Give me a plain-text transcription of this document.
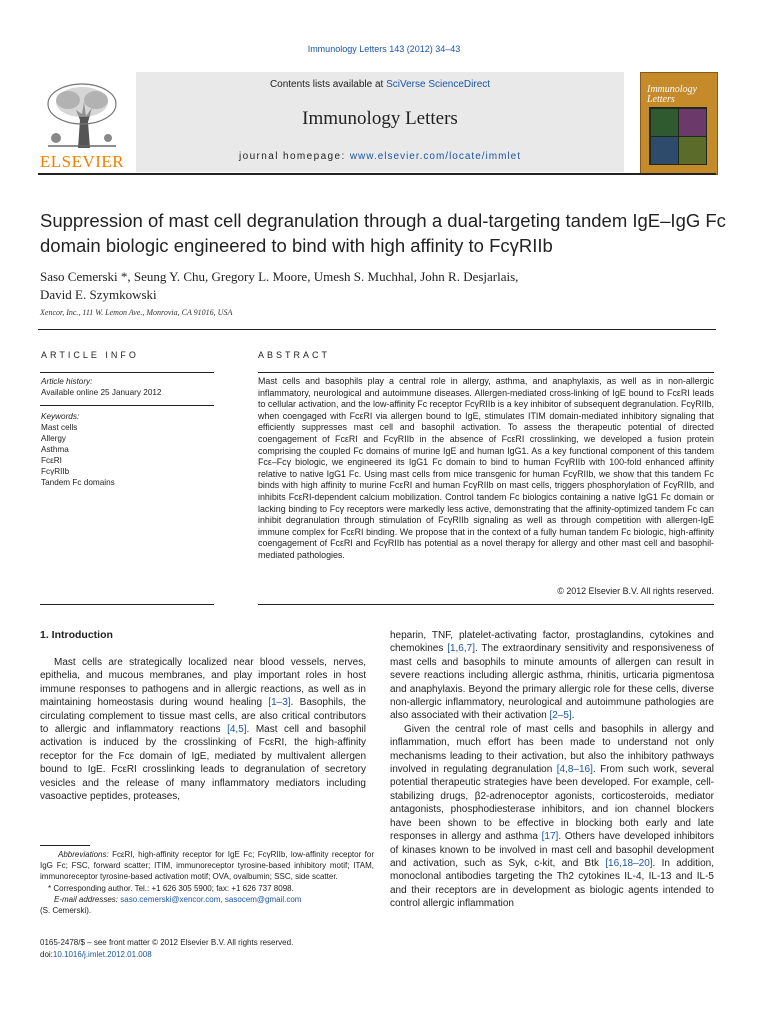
Immunology Letters 143 (2012) 34–43
ELSEVIER
Contents lists available at SciVerse ScienceDirect
Immunology Letters
journal homepage: www.elsevier.com/locate/immlet
Immunology Letters
Suppression of mast cell degranulation through a dual-targeting tandem IgE–IgG Fc domain biologic engineered to bind with high affinity to FcγRIIb
Saso Cemerski *, Seung Y. Chu, Gregory L. Moore, Umesh S. Muchhal, John R. Desjarlais,
David E. Szymkowski
Xencor, Inc., 111 W. Lemon Ave., Monrovia, CA 91016, USA
ARTICLE INFO
Article history:
Available online 25 January 2012
Keywords:
Mast cells
Allergy
Asthma
FcεRI
FcγRIIb
Tandem Fc domains
ABSTRACT
Mast cells and basophils play a central role in allergy, asthma, and anaphylaxis, as well as in non-allergic inflammatory, neurological and autoimmune diseases. Allergen-mediated cross-linking of IgE bound to FcεRI leads to cellular activation, and the low-affinity Fc receptor FcγRIIb is a key inhibitor of subsequent degranulation. FcγRIIb, when coengaged with FcεRI via allergen bound to IgE, stimulates ITIM domain-mediated inhibitory signaling that efficiently suppresses mast cell and basophil activation. To assess the therapeutic potential of directed coengagement of FcεRI and FcγRIIb in the absence of FcεRI crosslinking, we developed a fusion protein comprising the coupled Fc domains of murine IgE and human IgG1. As a key functional component of this tandem Fcε–Fcγ biologic, we engineered its IgG1 Fc domain to bind to human FcγRIIb with 100-fold enhanced affinity relative to native IgG1 Fc. Using mast cells from mice transgenic for human FcγRIIb, we show that this tandem Fc binds with high affinity to murine FcεRI and human FcγRIIb on mast cells, triggers phosphorylation of FcγRIIb, and inhibits FcεRI-dependent calcium mobilization. Control tandem Fc biologics containing a native IgG1 Fc domain or lacking binding to Fcγ receptors were markedly less active, demonstrating that the affinity-optimized tandem Fc can inhibit degranulation through stimulation of FcγRIIb signaling as well as through competition with allergen-IgE immune complex for FcεRI binding. We propose that in the context of a fully human tandem Fc biologic, high-affinity coengagement of FcεRI and FcγRIIb has potential as a novel therapy for allergy and other mast cell and basophil-mediated pathologies.
© 2012 Elsevier B.V. All rights reserved.
1. Introduction

Mast cells are strategically localized near blood vessels, nerves, epithelia, and mucous membranes, and play important roles in host immune responses to pathogens and in allergic reactions, as well as in maintaining homeostasis during wound healing [1–3]. Basophils, the circulating complement to tissue mast cells, are also critical contributors to allergic and inflammatory reactions [4,5]. Mast cell and basophil activation is induced by the crosslinking of FcεRI, the high-affinity receptor for the Fcε domain of IgE, mediated by multivalent allergen bound to IgE. FcεRI crosslinking leads to degranulation of secretory vesicles and the release of many inflammatory mediators including vasoactive peptides, proteases,

heparin, TNF, platelet-activating factor, prostaglandins, cytokines and chemokines [1,6,7]. The extraordinary sensitivity and responsiveness of mast cells and basophils to minute amounts of allergen can result in severe reactions including allergic asthma, rhinitis, urticaria pigmentosa and anaphylaxis. Beyond the primary allergic role for these cells, diverse non-allergic inflammatory, neurological and autoimmune pathologies are also associated with their activation [2–5].

Given the central role of mast cells and basophils in allergy and inflammation, much effort has been made to understand not only mechanisms leading to their activation, but also the inhibitory pathways involved in regulating degranulation [4,8–16]. From such work, several potential therapeutic strategies have been developed. For example, cell-stabilizing drugs, β2-adrenoceptor agonists, corticosteroids, mediator antagonists, phosphodiesterase inhibitors, and ion channel blockers have been shown to be effective in blocking both early and late responses in allergy and asthma [17]. Others have developed inhibitors of kinases known to be involved in mast cell and basophil development and activation, such as Syk, c-kit, and Btk [16,18–20]. In addition, monoclonal antibodies targeting the Th2 cytokines IL-4, IL-13 and IL-5 and their receptors are in development as biologic agents intended to control allergic inflammation

Abbreviations: FcεRI, high-affinity receptor for IgE Fc; FcγRIIb, low-affinity receptor for IgG Fc; FSC, forward scatter; ITIM, immunoreceptor tyrosine-based inhibitory motif; ITAM, immunoreceptor tyrosine-based activation motif; OVA, ovalbumin; SSC, side scatter.
* Corresponding author. Tel.: +1 626 305 5900; fax: +1 626 737 8098.
E-mail addresses: saso.cemerski@xencor.com, sasocem@gmail.com
(S. Cemerski).
0165-2478/$ – see front matter © 2012 Elsevier B.V. All rights reserved.
doi:10.1016/j.imlet.2012.01.008
